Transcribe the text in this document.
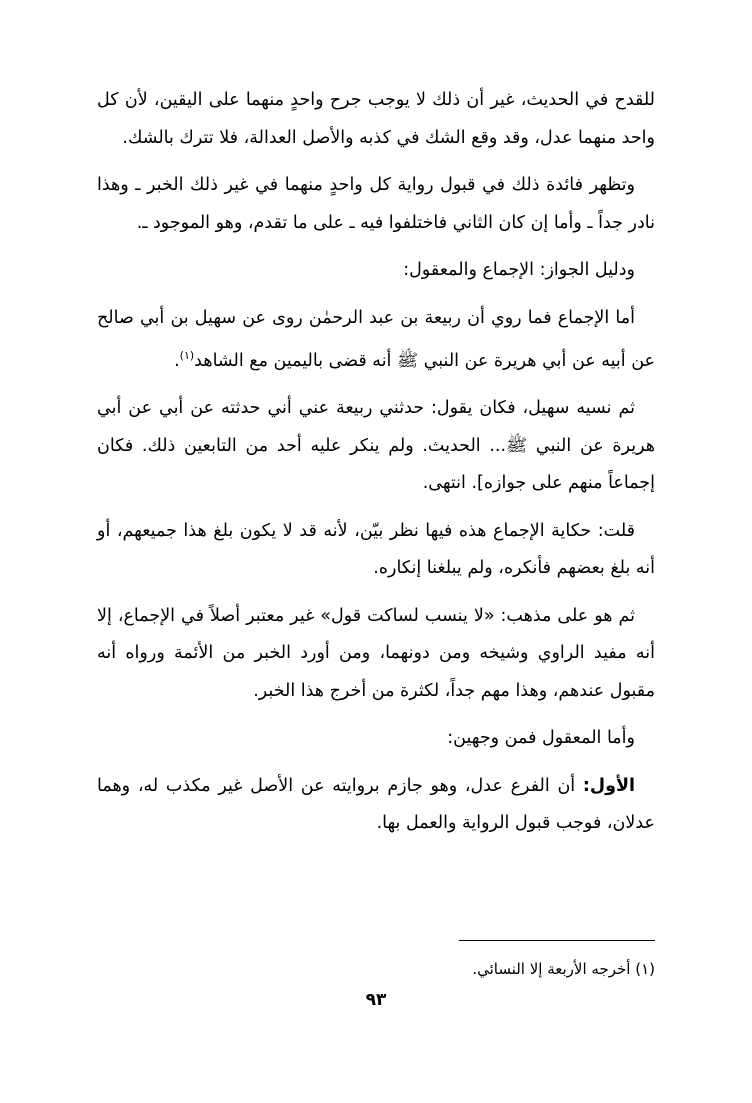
للقدح في الحديث، غير أن ذلك لا يوجب جرح واحدٍ منهما على اليقين، لأن كل واحد منهما عدل، وقد وقع الشك في كذبه والأصل العدالة، فلا تترك بالشك.

وتظهر فائدة ذلك في قبول رواية كل واحدٍ منهما في غير ذلك الخبر ـ وهذا نادر جداً ـ وأما إن كان الثاني فاختلفوا فيه ـ على ما تقدم، وهو الموجود ـ.

ودليل الجواز: الإجماع والمعقول:

أما الإجماع فما روي أن ربيعة بن عبد الرحمٰن روى عن سهيل بن أبي صالح عن أبيه عن أبي هريرة عن النبي ﷺ أنه قضى باليمين مع الشاهد$^{(١)}$.

ثم نسيه سهيل، فكان يقول: حدثني ربيعة عني أني حدثته عن أبي عن أبي هريرة عن النبي ﷺ... الحديث. ولم ينكر عليه أحد من التابعين ذلك. فكان إجماعاً منهم على جوازه]. انتهى.

قلت: حكاية الإجماع هذه فيها نظر بيّن، لأنه قد لا يكون بلغ هذا جميعهم، أو أنه بلغ بعضهم فأنكره، ولم يبلغنا إنكاره.

ثم هو على مذهب: «لا ينسب لساكت قول» غير معتبر أصلاً في الإجماع، إلا أنه مفيد الراوي وشيخه ومن دونهما، ومن أورد الخبر من الأئمة ورواه أنه مقبول عندهم، وهذا مهم جداً، لكثرة من أخرج هذا الخبر.

وأما المعقول فمن وجهين:

الأول: أن الفرع عدل، وهو جازم بروايته عن الأصل غير مكذب له، وهما عدلان، فوجب قبول الرواية والعمل بها.

(١) أخرجه الأربعة إلا النسائي.
٩٣
